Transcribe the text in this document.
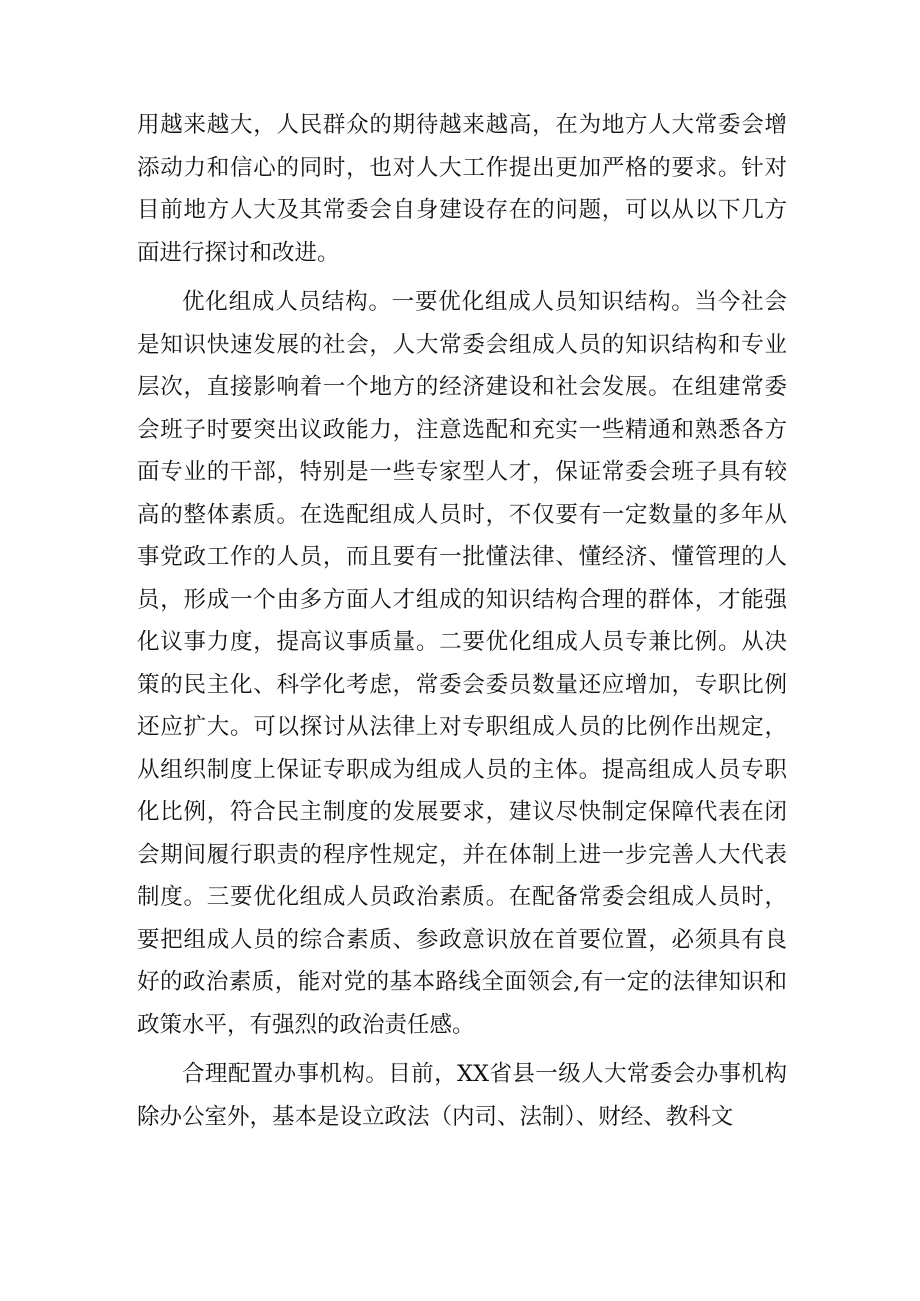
用越来越大，人民群众的期待越来越高，在为地方人大常委会增添动力和信心的同时，也对人大工作提出更加严格的要求。针对目前地方人大及其常委会自身建设存在的问题，可以从以下几方面进行探讨和改进。

优化组成人员结构。一要优化组成人员知识结构。当今社会是知识快速发展的社会，人大常委会组成人员的知识结构和专业层次，直接影响着一个地方的经济建设和社会发展。在组建常委会班子时要突出议政能力，注意选配和充实一些精通和熟悉各方面专业的干部，特别是一些专家型人才，保证常委会班子具有较高的整体素质。在选配组成人员时，不仅要有一定数量的多年从事党政工作的人员，而且要有一批懂法律、懂经济、懂管理的人员，形成一个由多方面人才组成的知识结构合理的群体，才能强化议事力度，提高议事质量。二要优化组成人员专兼比例。从决策的民主化、科学化考虑，常委会委员数量还应增加，专职比例还应扩大。可以探讨从法律上对专职组成人员的比例作出规定，从组织制度上保证专职成为组成人员的主体。提高组成人员专职化比例，符合民主制度的发展要求，建议尽快制定保障代表在闭会期间履行职责的程序性规定，并在体制上进一步完善人大代表制度。三要优化组成人员政治素质。在配备常委会组成人员时，要把组成人员的综合素质、参政意识放在首要位置，必须具有良好的政治素质，能对党的基本路线全面领会,有一定的法律知识和政策水平，有强烈的政治责任感。

合理配置办事机构。目前，XX省县一级人大常委会办事机构除办公室外，基本是设立政法（内司、法制）、财经、教科文
